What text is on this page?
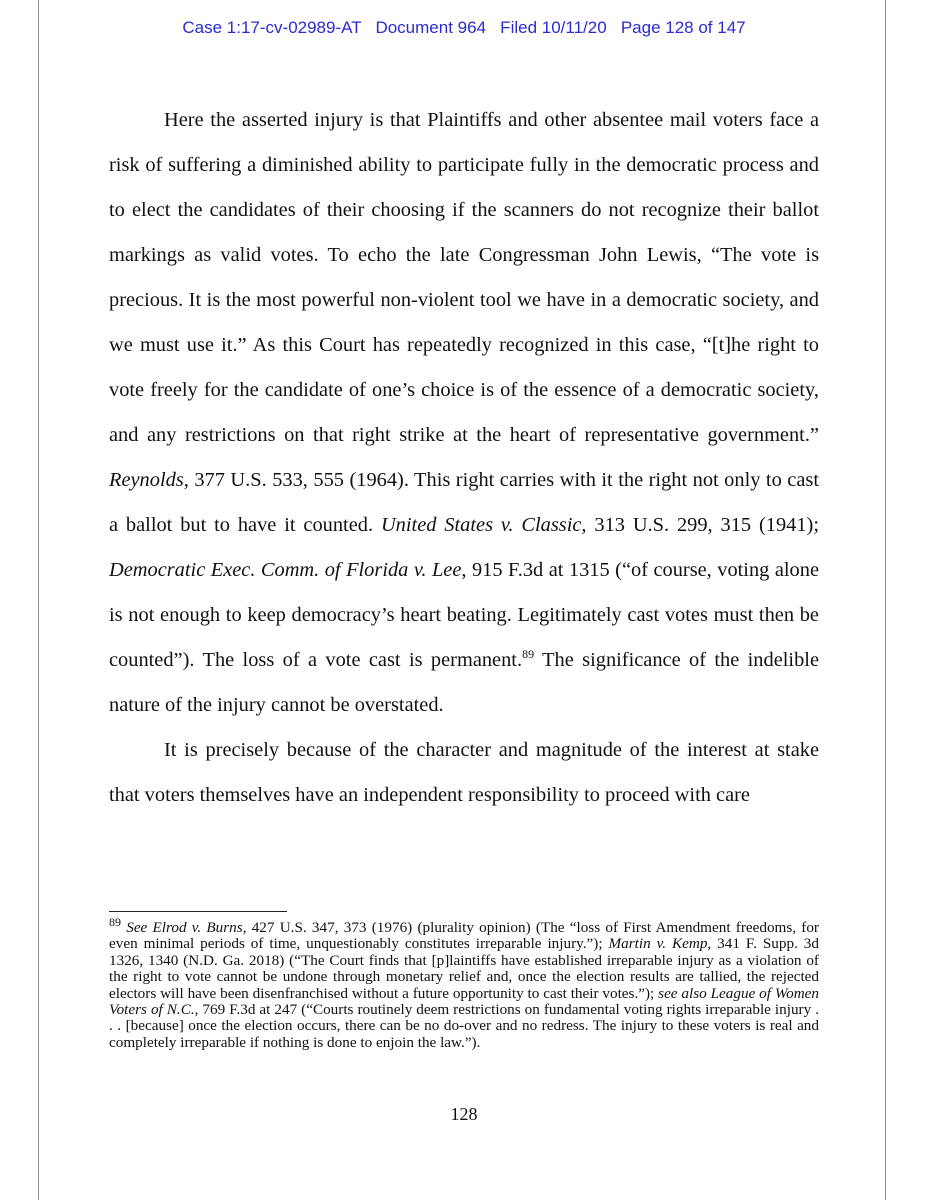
Case 1:17-cv-02989-AT   Document 964   Filed 10/11/20   Page 128 of 147

Here the asserted injury is that Plaintiffs and other absentee mail voters face a risk of suffering a diminished ability to participate fully in the democratic process and to elect the candidates of their choosing if the scanners do not recognize their ballot markings as valid votes. To echo the late Congressman John Lewis, “The vote is precious. It is the most powerful non-violent tool we have in a democratic society, and we must use it.” As this Court has repeatedly recognized in this case, “[t]he right to vote freely for the candidate of one’s choice is of the essence of a democratic society, and any restrictions on that right strike at the heart of representative government.” Reynolds, 377 U.S. 533, 555 (1964). This right carries with it the right not only to cast a ballot but to have it counted. United States v. Classic, 313 U.S. 299, 315 (1941); Democratic Exec. Comm. of Florida v. Lee, 915 F.3d at 1315 (“of course, voting alone is not enough to keep democracy’s heart beating. Legitimately cast votes must then be counted”). The loss of a vote cast is permanent.$^{89}$ The significance of the indelible nature of the injury cannot be overstated.

It is precisely because of the character and magnitude of the interest at stake that voters themselves have an independent responsibility to proceed with care

$^{89}$ See Elrod v. Burns, 427 U.S. 347, 373 (1976) (plurality opinion) (The “loss of First Amendment freedoms, for even minimal periods of time, unquestionably constitutes irreparable injury.”); Martin v. Kemp, 341 F. Supp. 3d 1326, 1340 (N.D. Ga. 2018) (“The Court finds that [p]laintiffs have established irreparable injury as a violation of the right to vote cannot be undone through monetary relief and, once the election results are tallied, the rejected electors will have been disenfranchised without a future opportunity to cast their votes.”); see also League of Women Voters of N.C., 769 F.3d at 247 (“Courts routinely deem restrictions on fundamental voting rights irreparable injury . . . [because] once the election occurs, there can be no do-over and no redress. The injury to these voters is real and completely irreparable if nothing is done to enjoin the law.”).
128
